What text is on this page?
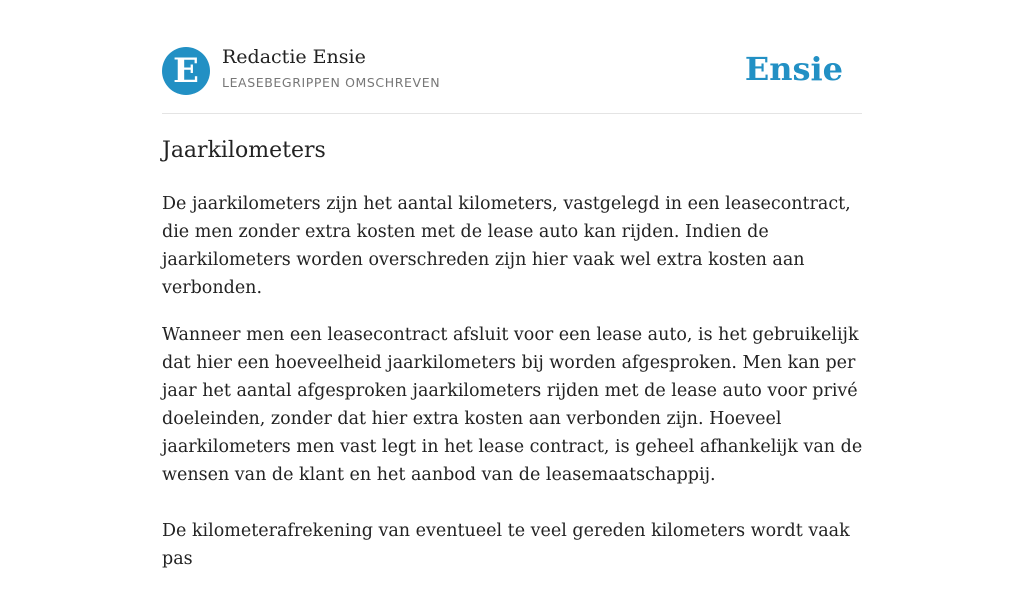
E	Redactie Ensie
LEASEBEGRIPPEN OMSCHREVEN	Ensie
Jaarkilometers

De jaarkilometers zijn het aantal kilometers, vastgelegd in een leasecontract, die men zonder extra kosten met de lease auto kan rijden. Indien de jaarkilometers worden overschreden zijn hier vaak wel extra kosten aan verbonden.

Wanneer men een leasecontract afsluit voor een lease auto, is het gebruikelijk dat hier een hoeveelheid jaarkilometers bij worden afgesproken. Men kan per jaar het aantal afgesproken jaarkilometers rijden met de lease auto voor privé doeleinden, zonder dat hier extra kosten aan verbonden zijn. Hoeveel jaarkilometers men vast legt in het lease contract, is geheel afhankelijk van de wensen van de klant en het aanbod van de leasemaatschappij.

De kilometerafrekening van eventueel te veel gereden kilometers wordt vaak pas
